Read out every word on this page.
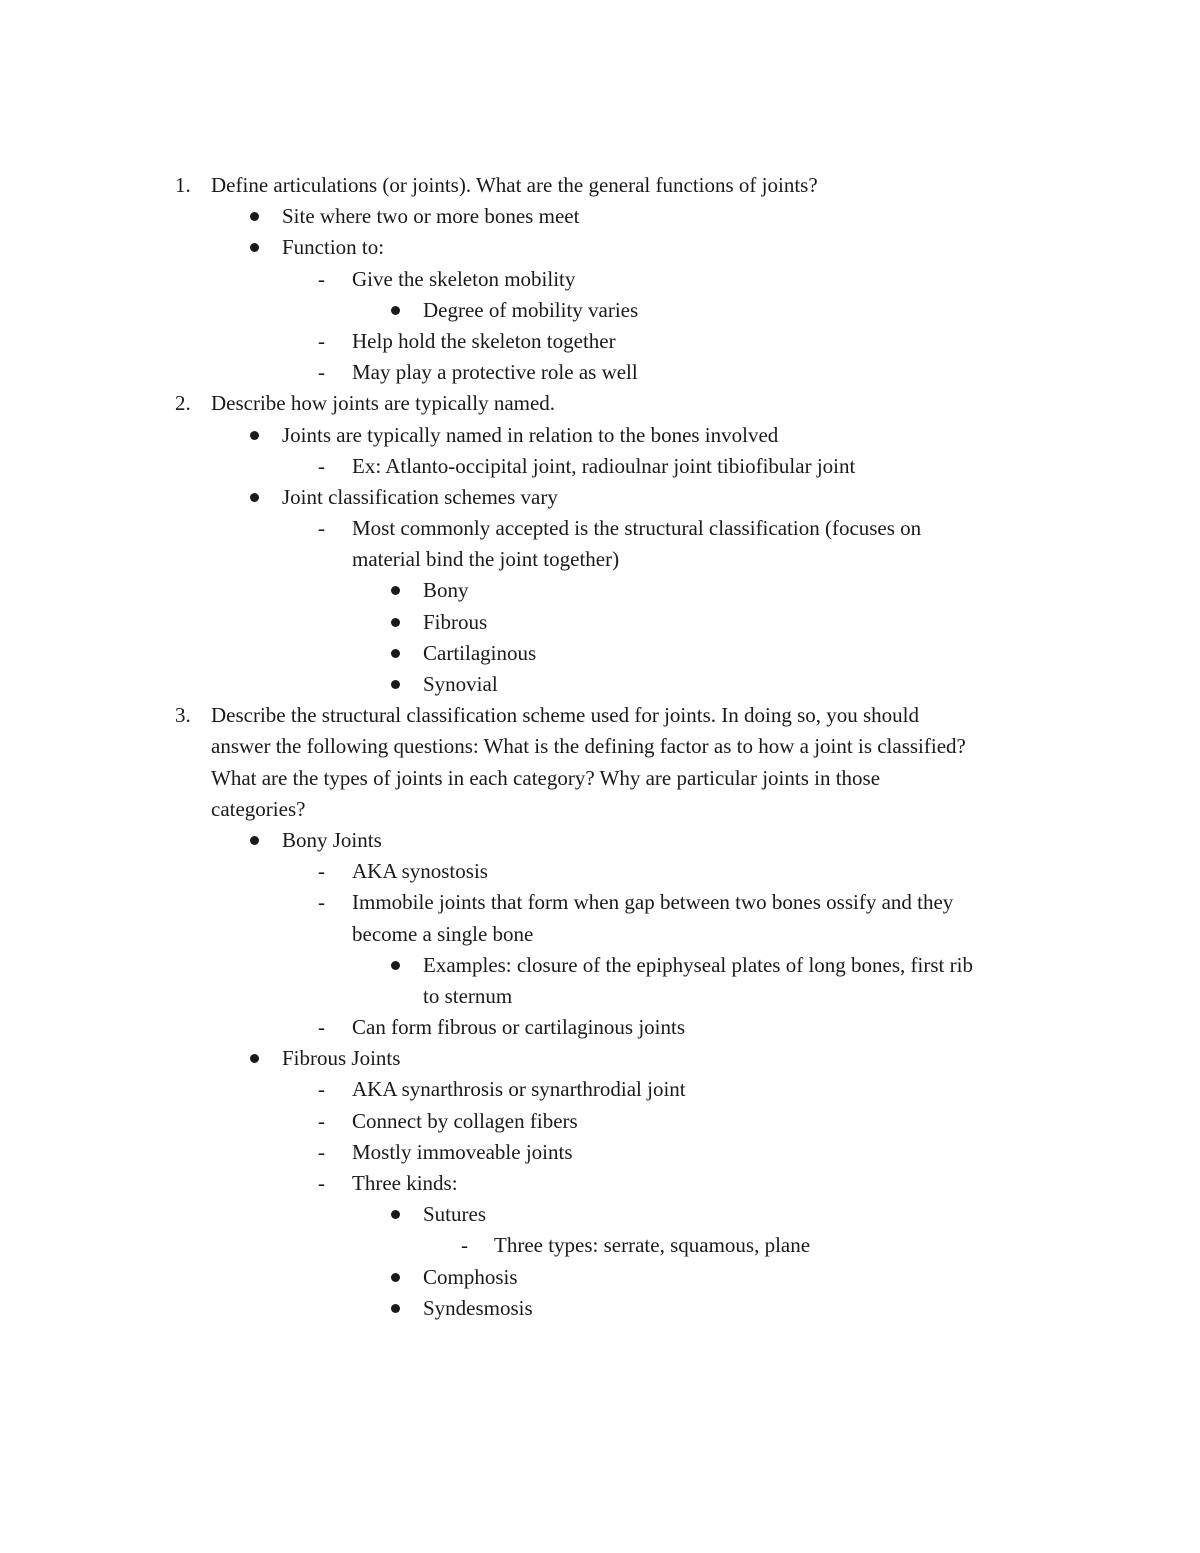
1. Define articulations (or joints). What are the general functions of joints?
Site where two or more bones meet
Function to:
- Give the skeleton mobility
Degree of mobility varies
- Help hold the skeleton together
- May play a protective role as well
2. Describe how joints are typically named.
Joints are typically named in relation to the bones involved
- Ex: Atlanto-occipital joint, radioulnar joint tibiofibular joint
Joint classification schemes vary
- Most commonly accepted is the structural classification (focuses on
material bind the joint together)
Bony
Fibrous
Cartilaginous
Synovial
3. Describe the structural classification scheme used for joints. In doing so, you should
answer the following questions: What is the defining factor as to how a joint is classified?
What are the types of joints in each category? Why are particular joints in those
categories?
Bony Joints
- AKA synostosis
- Immobile joints that form when gap between two bones ossify and they
become a single bone
Examples: closure of the epiphyseal plates of long bones, first rib
to sternum
- Can form fibrous or cartilaginous joints
Fibrous Joints
- AKA synarthrosis or synarthrodial joint
- Connect by collagen fibers
- Mostly immoveable joints
- Three kinds:
Sutures
- Three types: serrate, squamous, plane
Comphosis
Syndesmosis
